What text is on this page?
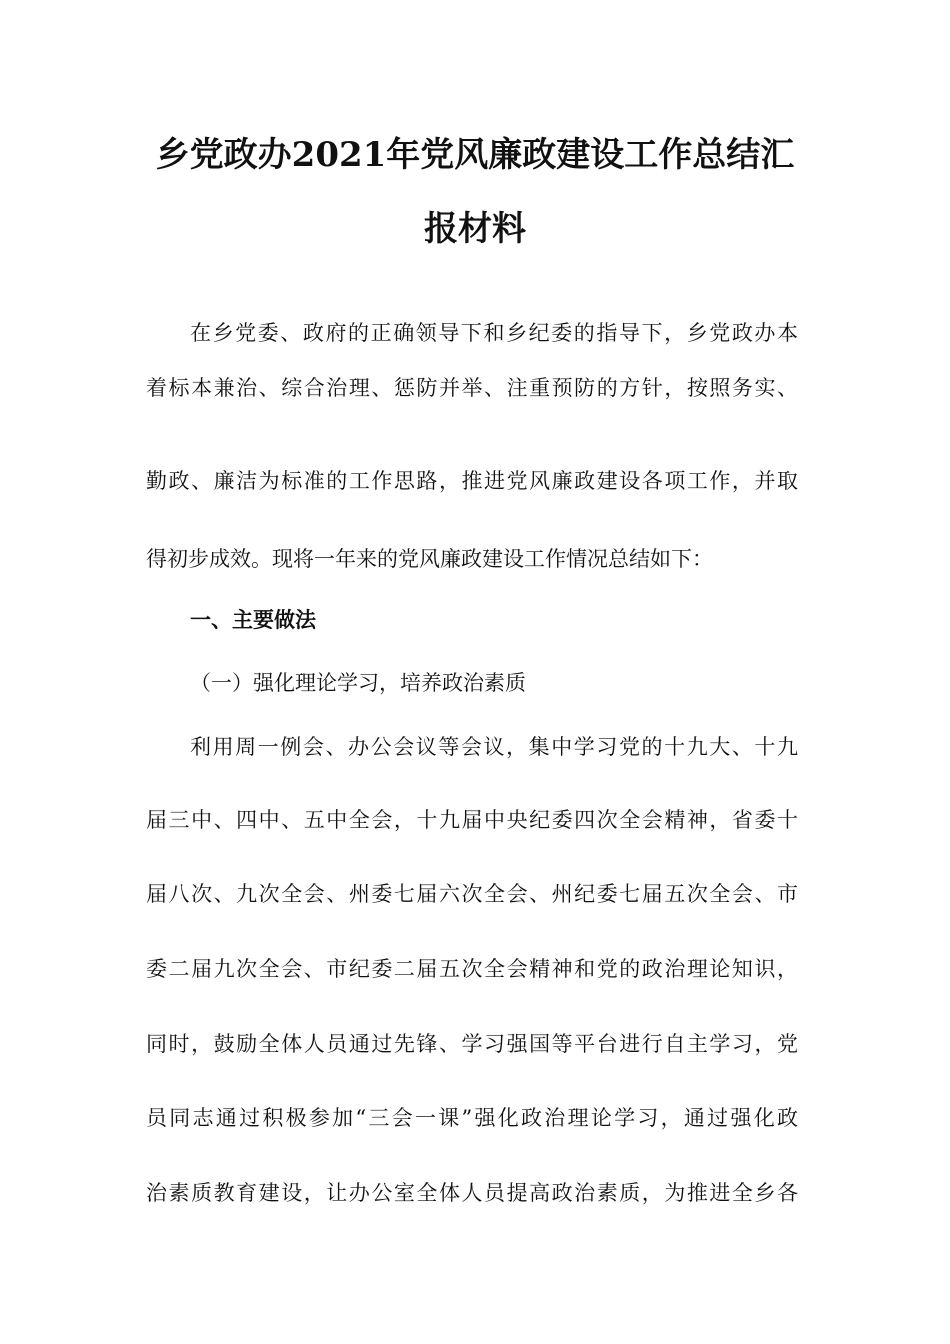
乡党政办2021年党风廉政建设工作总结汇
报材料
在乡党委、政府的正确领导下和乡纪委的指导下，乡党政办本
着标本兼治、综合治理、惩防并举、注重预防的方针，按照务实、
勤政、廉洁为标准的工作思路，推进党风廉政建设各项工作，并取
得初步成效。现将一年来的党风廉政建设工作情况总结如下：
一、主要做法
（一）强化理论学习，培养政治素质
利用周一例会、办公会议等会议，集中学习党的十九大、十九
届三中、四中、五中全会，十九届中央纪委四次全会精神，省委十
届八次、九次全会、州委七届六次全会、州纪委七届五次全会、市
委二届九次全会、市纪委二届五次全会精神和党的政治理论知识，
同时，鼓励全体人员通过先锋、学习强国等平台进行自主学习，党
员同志通过积极参加“三会一课”强化政治理论学习，通过强化政
治素质教育建设，让办公室全体人员提高政治素质，为推进全乡各
